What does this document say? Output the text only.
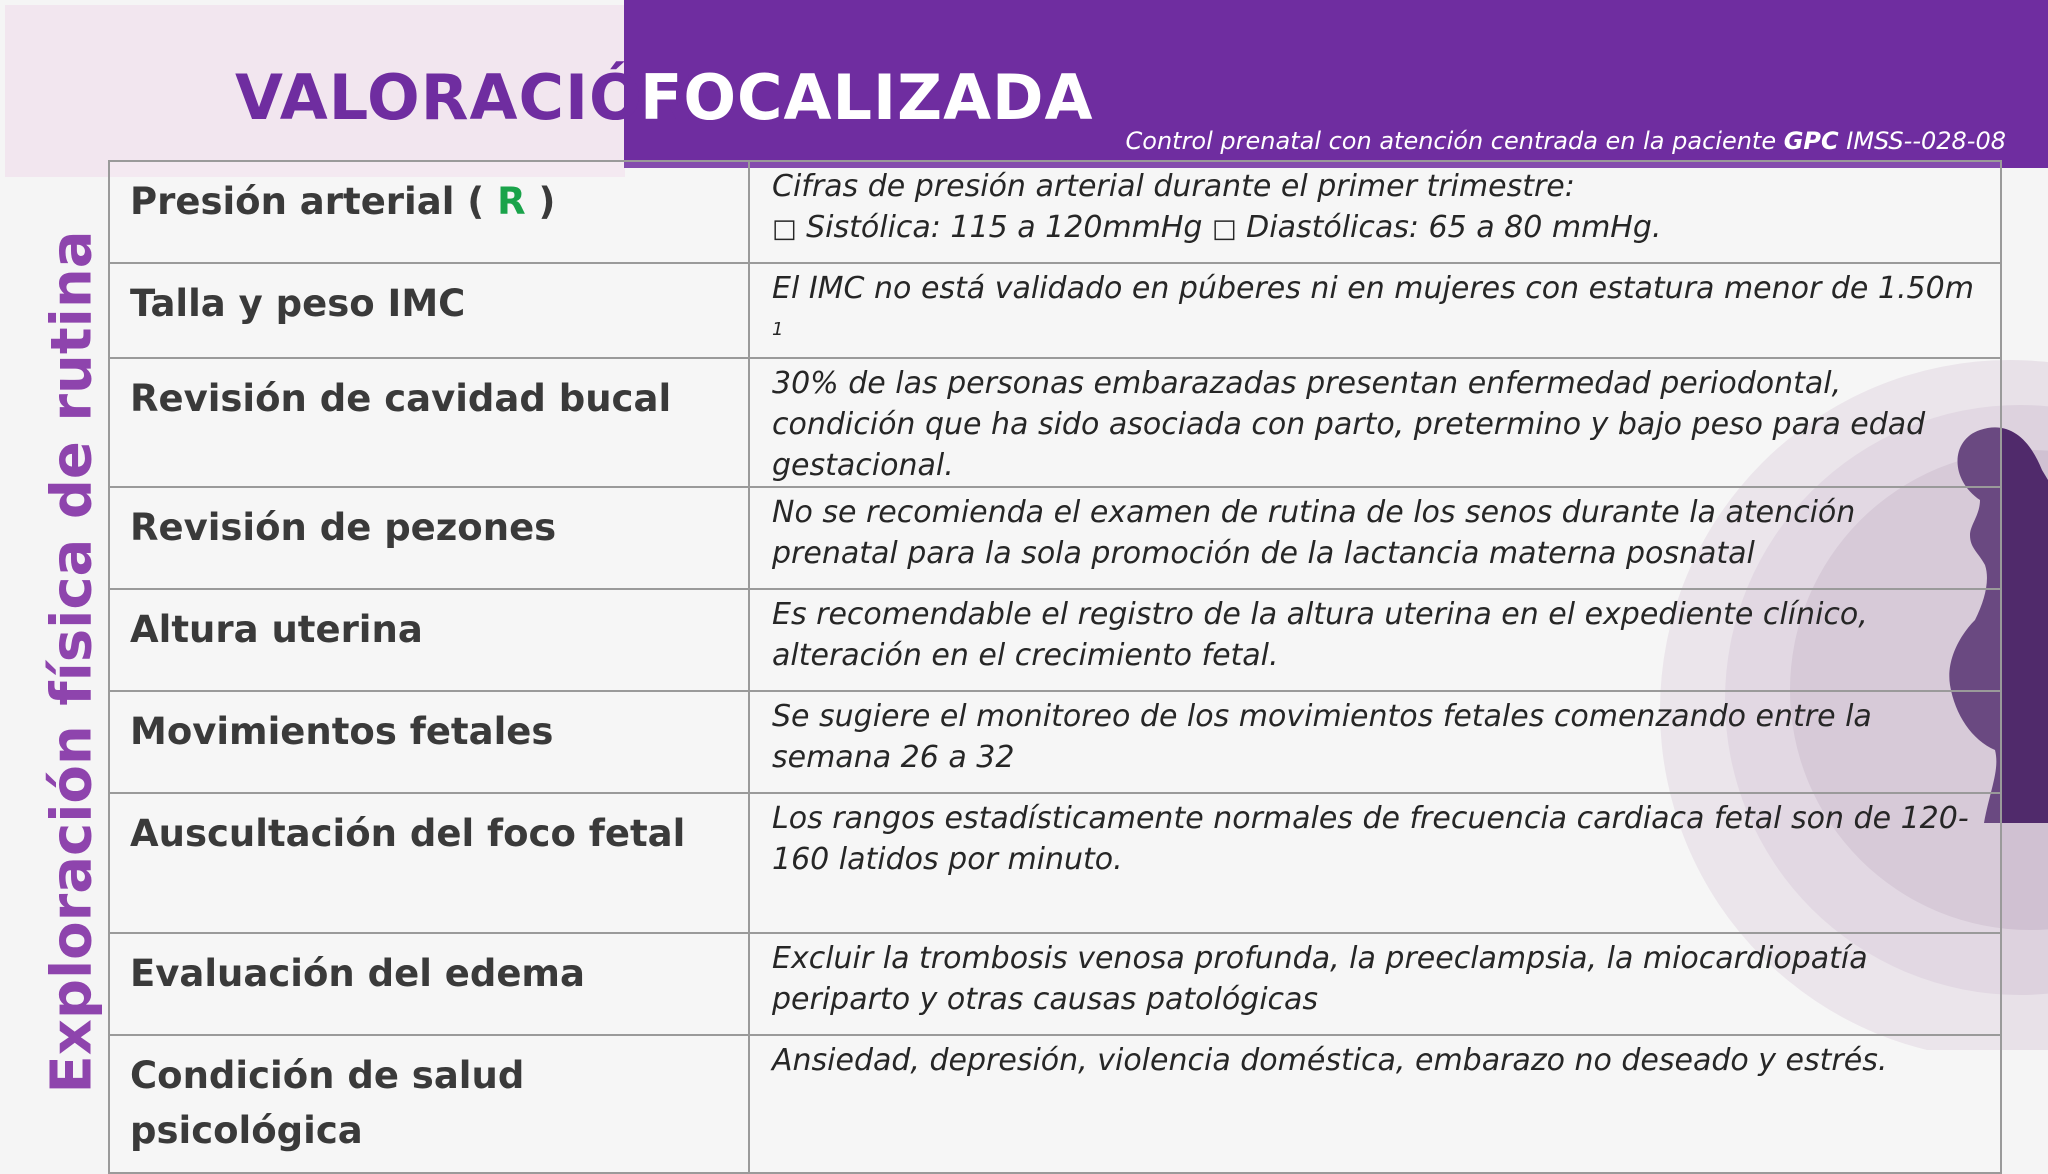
VALORACIÓN
FOCALIZADA
Control prenatal con atención centrada en la paciente GPC IMSS--028-08
Exploración física de rutina
Presión arterial ( R )	Cifras de presión arterial durante el primer trimestre:
□ Sistólica: 115 a 120mmHg □ Diastólicas: 65 a 80 mmHg.

Talla y peso IMC	El IMC no está validado en púberes ni en mujeres con estatura menor de 1.50m $^1$
Revisión de cavidad bucal	30% de las personas embarazadas presentan enfermedad periodontal, condición que ha sido asociada con parto, pretermino y bajo peso para edad gestacional.
Revisión de pezones	No se recomienda el examen de rutina de los senos durante la atención prenatal para la sola promoción de la lactancia materna posnatal
Altura uterina	Es recomendable el registro de la altura uterina en el expediente clínico, alteración en el crecimiento fetal.
Movimientos fetales	Se sugiere el monitoreo de los movimientos fetales comenzando entre la semana 26 a 32
Auscultación del foco fetal	Los rangos estadísticamente normales de frecuencia cardiaca fetal son de 120-160 latidos por minuto.
Evaluación del edema	Excluir la trombosis venosa profunda, la preeclampsia, la miocardiopatía periparto y otras causas patológicas
Condición de salud psicológica	Ansiedad, depresión, violencia doméstica, embarazo no deseado y estrés.
